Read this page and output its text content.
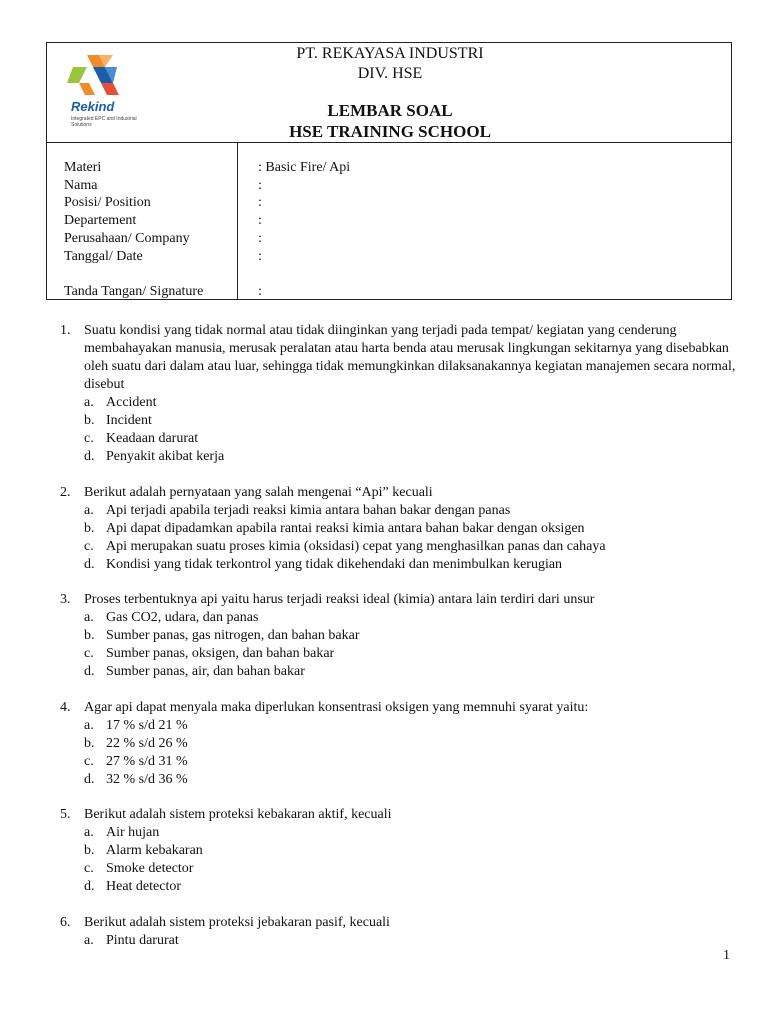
Rekind
Integrated EPC and Industrial Solutions
PT. REKAYASA INDUSTRI
DIV. HSE
LEMBAR SOAL
HSE TRAINING SCHOOL
Materi	: Basic Fire/ Api
Nama	:
Posisi/ Position	:
Departement	:
Perusahaan/ Company	:
Tanggal/ Date	:
Tanda Tangan/ Signature	:
1. Suatu kondisi yang tidak normal atau tidak diinginkan yang terjadi pada tempat/ kegiatan yang cenderung membahayakan manusia, merusak peralatan atau harta benda atau merusak lingkungan sekitarnya yang disebabkan oleh suatu dari dalam atau luar, sehingga tidak memungkinkan dilaksanakannya kegiatan manajemen secara normal, disebut
a. Accident
b. Incident
c. Keadaan darurat
d. Penyakit akibat kerja
2. Berikut adalah pernyataan yang salah mengenai “Api” kecuali
a. Api terjadi apabila terjadi reaksi kimia antara bahan bakar dengan panas
b. Api dapat dipadamkan apabila rantai reaksi kimia antara bahan bakar dengan oksigen
c. Api merupakan suatu proses kimia (oksidasi) cepat yang menghasilkan panas dan cahaya
d. Kondisi yang tidak terkontrol yang tidak dikehendaki dan menimbulkan kerugian
3. Proses terbentuknya api yaitu harus terjadi reaksi ideal (kimia) antara lain terdiri dari unsur
a. Gas CO2, udara, dan panas
b. Sumber panas, gas nitrogen, dan bahan bakar
c. Sumber panas, oksigen, dan bahan bakar
d. Sumber panas, air, dan bahan bakar
4. Agar api dapat menyala maka diperlukan konsentrasi oksigen yang memnuhi syarat yaitu:
a. 17 % s/d 21 %
b. 22 % s/d 26 %
c. 27 % s/d 31 %
d. 32 % s/d 36 %
5. Berikut adalah sistem proteksi kebakaran aktif, kecuali
a. Air hujan
b. Alarm kebakaran
c. Smoke detector
d. Heat detector
6. Berikut adalah sistem proteksi jebakaran pasif, kecuali
a. Pintu darurat
1
